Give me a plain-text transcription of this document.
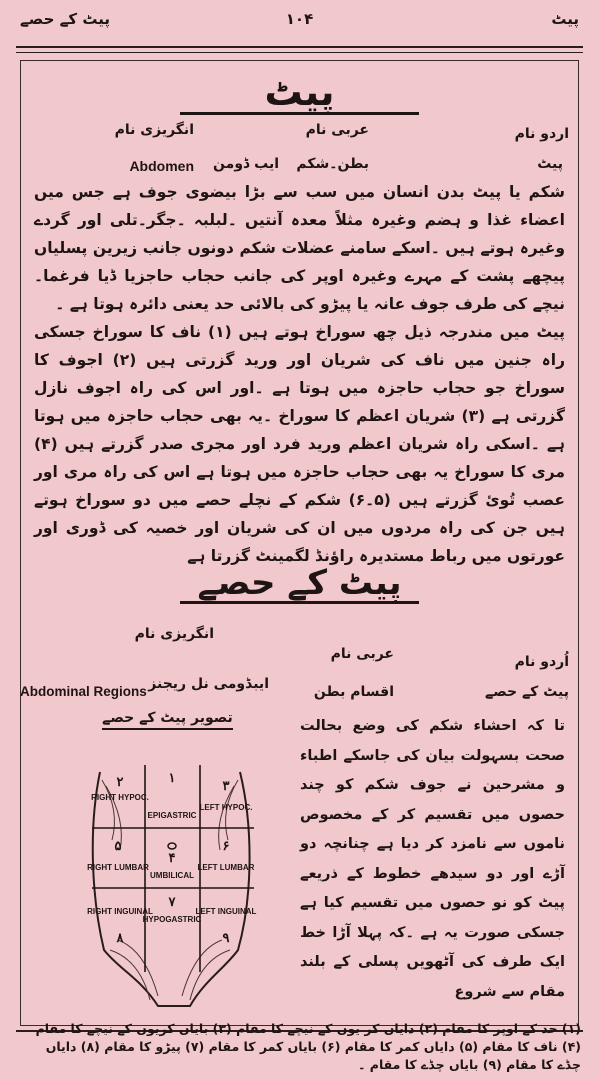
پیٹ کے حصے	۱۰۴	پیٹ
پیٹ
اردو نام
عربی نام
انگریزی نام
پیٹ
بطن۔شکم
ایب ڈومن
Abdomen
شکم یا پیٹ بدن انسان میں سب سے بڑا بیضوی جوف ہے جس میں اعضاء غذا و ہضم وغیرہ مثلاً معدہ آنتیں ۔لبلبہ ۔جگر۔تلی اور گردے وغیرہ ہوتے ہیں ۔اسکے سامنے عضلات شکم دونوں جانب زیرین پسلیاں پیچھے پشت کے مہرے وغیرہ اوپر کی جانب حجاب حاجزیا ڈیا فرغما۔ نیچے کی طرف جوف عانہ یا پیڑو کی بالائی حد یعنی دائرہ ہوتا ہے ۔
پیٹ میں مندرجہ ذیل چھ سوراخ ہوتے ہیں (۱) ناف کا سوراخ جسکی راہ جنین میں ناف کی شریان اور ورید گزرتی ہیں (۲) اجوف کا سوراخ جو حجاب حاجزہ میں ہوتا ہے ۔اور اس کی راہ اجوف نازل گزرتی ہے (۳) شریان اعظم کا سوراخ ۔یہ بھی حجاب حاجزہ میں ہوتا ہے ۔اسکی راہ شریان اعظم ورید فرد اور مجری صدر گزرتے ہیں (۴) مری کا سوراخ یہ بھی حجاب حاجزہ میں ہوتا ہے اس کی راہ مری اور عصب تُوئ گزرتے ہیں (۵۔۶) شکم کے نچلے حصے میں دو سوراخ ہوتے ہیں جن کی راہ مردوں میں ان کی شریان اور خصیہ کی ڈوری اور عورتوں میں رباط مستدیرہ راؤنڈ لگمینٹ گزرتا ہے
پیٹ کے حصے
اُردو نام
عربی نام
انگریزی نام
پیٹ کے حصے
اقسام بطن
ایبڈومی نل ریجنز
Abdominal Regions
تصویر پیٹ کے حصے
۱
EPIGASTRIC
۳
LEFT HYPOC.
RIGHT HYPOC.
۲
۴
UMBILICAL
۵
RIGHT LUMBAR
۶
LEFT LUMBAR
۷
HYPOGASTRIC
RIGHT INGUINAL
۸
LEFT INGUINAL
۹
تا کہ احشاء شکم کی وضع بحالت صحت بسہولت بیان کی جاسکے اطباء و مشرحین نے جوف شکم کو چند حصوں میں تقسیم کر کے مخصوص ناموں سے نامزد کر دیا ہے چنانچہ دو آڑے اور دو سیدھے خطوط کے ذریعے پیٹ کو نو حصوں میں تقسیم کیا ہے جسکی صورت یہ ہے ۔کہ پہلا آڑا خط ایک طرف کی آٹھویں پسلی کے بلند مقام سے شروع
(۱) حد کے اوپر کا مقام (۲) دایاں کر یوں کے نیچے کا مقام (۳) بایاں کریوں کے نیچے کا مقام (۴) ناف کا مقام (۵) دایاں کمر کا مقام (۶) بایاں کمر کا مقام (۷) پیڑو کا مقام (۸) دایاں چڈے کا مقام (۹) بایاں چڈے کا مقام ۔
